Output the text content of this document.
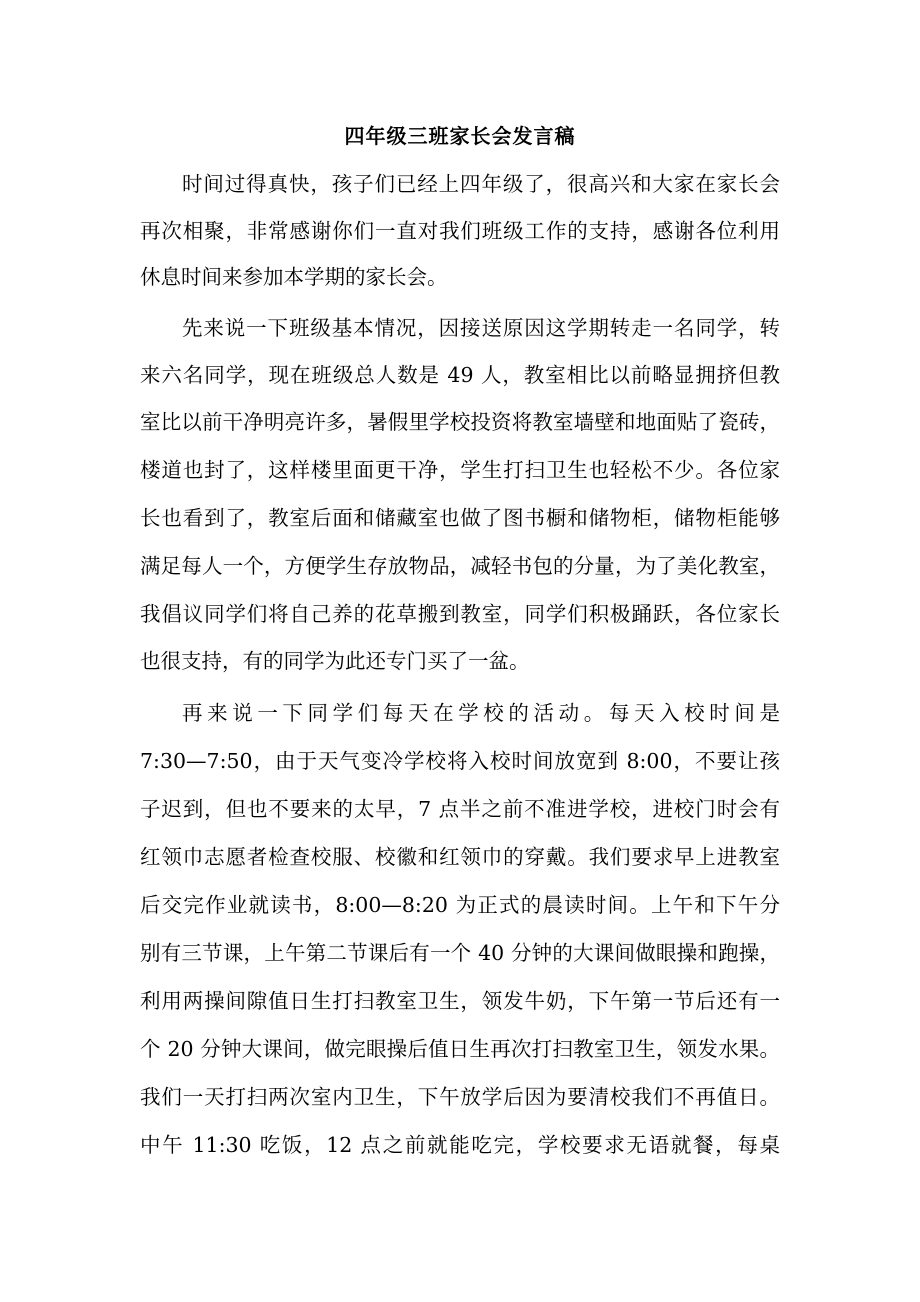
四年级三班家长会发言稿
时间过得真快，孩子们已经上四年级了，很高兴和大家在家长会
再次相聚，非常感谢你们一直对我们班级工作的支持，感谢各位利用
休息时间来参加本学期的家长会。
先来说一下班级基本情况，因接送原因这学期转走一名同学，转
来六名同学，现在班级总人数是 49 人，教室相比以前略显拥挤但教
室比以前干净明亮许多，暑假里学校投资将教室墙壁和地面贴了瓷砖，
楼道也封了，这样楼里面更干净，学生打扫卫生也轻松不少。各位家
长也看到了，教室后面和储藏室也做了图书橱和储物柜，储物柜能够
满足每人一个，方便学生存放物品，减轻书包的分量，为了美化教室，
我倡议同学们将自己养的花草搬到教室，同学们积极踊跃，各位家长
也很支持，有的同学为此还专门买了一盆。
再来说一下同学们每天在学校的活动。每天入校时间是
7:30—7:50，由于天气变冷学校将入校时间放宽到 8:00，不要让孩
子迟到，但也不要来的太早，7 点半之前不准进学校，进校门时会有
红领巾志愿者检查校服、校徽和红领巾的穿戴。我们要求早上进教室
后交完作业就读书，8:00—8:20 为正式的晨读时间。上午和下午分
别有三节课，上午第二节课后有一个 40 分钟的大课间做眼操和跑操，
利用两操间隙值日生打扫教室卫生，领发牛奶，下午第一节后还有一
个 20 分钟大课间，做完眼操后值日生再次打扫教室卫生，领发水果。
我们一天打扫两次室内卫生，下午放学后因为要清校我们不再值日。
中午 11:30 吃饭，12 点之前就能吃完，学校要求无语就餐，每桌
